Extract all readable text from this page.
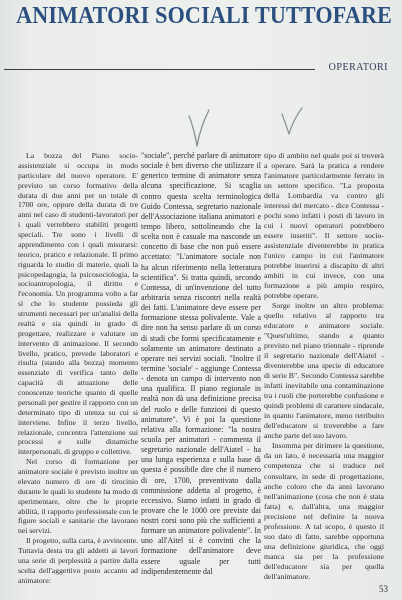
ANIMATORI SOCIALI TUTTOFARE
OPERATORI

La bozza del Piano socio-assistenziale si occupa in modo particolare del nuovo operatore. E' previsto un corso formativo della durata di due anni per un totale di 1700 ore, oppure della durata di tre anni nel caso di studenti-lavoratori per i quali verrebbero stabiliti progetti speciali. Tre sono i livelli di apprendimento con i quali misurarsi: teorico, pratico e relazionale. Il primo riguarda lo studio di materie, quali la psicopedagogia, la psicosociologia, la socioantropologia, il diritto e l'economia. Un programma volto a far sì che lo studente possieda gli strumenti necessari per un'analisi della realtà e sia quindi in grado di progettare, realizzare e valutare un intervento di animazione. Il secondo livello, pratico, prevede laboratori e risulta (stando alla bozza) momento essenziale di verifica tanto delle capacità di attuazione delle conoscenze teoriche quanto di quelle personali per gestire il rapporto con un determinato tipo di utenza su cui si interviene. Infine il terzo livello, relazionale, concentra l'attenzione sui processi e sulle dinamiche interpersonali, di gruppo e collettive.

Nel corso di formazione per animatore sociale è previsto inoltre un elevato numero di ore di tirocinio durante le quali lo studente ha modo di sperimentare, oltre che le proprie abilità, il rapporto professionale con le figure sociali e sanitarie che lavorano nei servizi.

Il progetto, sulla carta, è avvincente. Tuttavia desta tra gli addetti ai lavori una serie di perplessità a partire dalla scelta dell'aggettivo posto accanto ad animatore:

"sociale", perché parlare di animatore sociale è ben diverso che utilizzare il generico termine di animatore senza alcuna specificazione. Si scaglia contro questa scelta terminologica Guido Contessa, segretario nazionale dell'Associazione italiana animatori e tempo libero, sottolineando che la scelta non è casuale ma nasconde un concetto di base che non può essere accettato: "L'animatore sociale non ha alcun riferimento nella letteratura scientifica". Si tratta quindi, secondo Contessa, di un'invenzione del tutto arbitraria senza riscontri nella realtà dei fatti. L'animatore deve essere per formazione stessa polivalente. Vale a dire non ha senso parlare di un corso di studi che formi specificatamente e solamente un animatore destinato a operare nei servizi sociali. "Inoltre il termine 'sociale' - aggiunge Contessa - denota un campo di intervento non una qualifica. Il piano regionale in realtà non dà una definizione precisa del ruolo e delle funzioni di questo animatore". Vi è poi la questione relativa alla formazione: "la nostra scuola per animatori - commenta il segretario nazionale dell'Aiatel - ha una lunga esperienza e sulla base di questa è possibile dire che il numero di ore, 1700, preventivato dalla commissione addetta al progetto, è eccessivo. Siamo infatti in grado di provare che le 1000 ore previste dai nostri corsi sono più che sufficienti a formare un animatore polivalente". In uno all'Aitel si è convinti che la formazione dell'animatore deve essere uguale per tutti indipendentemente dal

tipo di ambito nel quale poi si troverà a operare. Sarà la pratica a rendere l'animatore particolarmente ferrato in un settore specifico. "La proposta della Lombardia va contro gli interessi del mercato - dice Contessa - pochi sono infatti i posti di lavoro in cui i nuovi operatori potrebbero essere inseriti". Il settore socio-assistenziale diventerebbe in pratica l'unico campo in cui l'animatore potrebbe inserirsi a discapito di altri ambiti in cui invece, con una formazione a più ampio respiro, potrebbe operare.

Sorge inoltre un altro problema: quello relativo al rapporto tra educatore e animatore sociale. "Quest'ultimo, stando a quanto previsto nel piano triennale - riprende il segretario nazionale dell'Aiatel - diventerebbe una specie di educatore di serie B". Secondo Contessa sarebbe infatti inevitabile una contaminazione tra i ruoli che porterebbe confusione e quindi problemi di carattere sindacale, in quanto l'animatore, meno retribuito dell'educatore si troverebbe a fare anche parte del suo lavoro.

Insomma per dirimere la questione, da un lato, è necessaria una maggior competenza che si traduce nel consultare, in sede di progettazione, anche coloro che da anni lavorano nell'animazione (cosa che non è stata fatta) e, dall'altra, una maggior precisione nel definire la nuova professione. A tal scopo, è questo il suo dato di fatto, sarebbe opportuna una definizione giuridica, che oggi manca sia per la professione dell'educatore sia per quella dell'animatore.

53
